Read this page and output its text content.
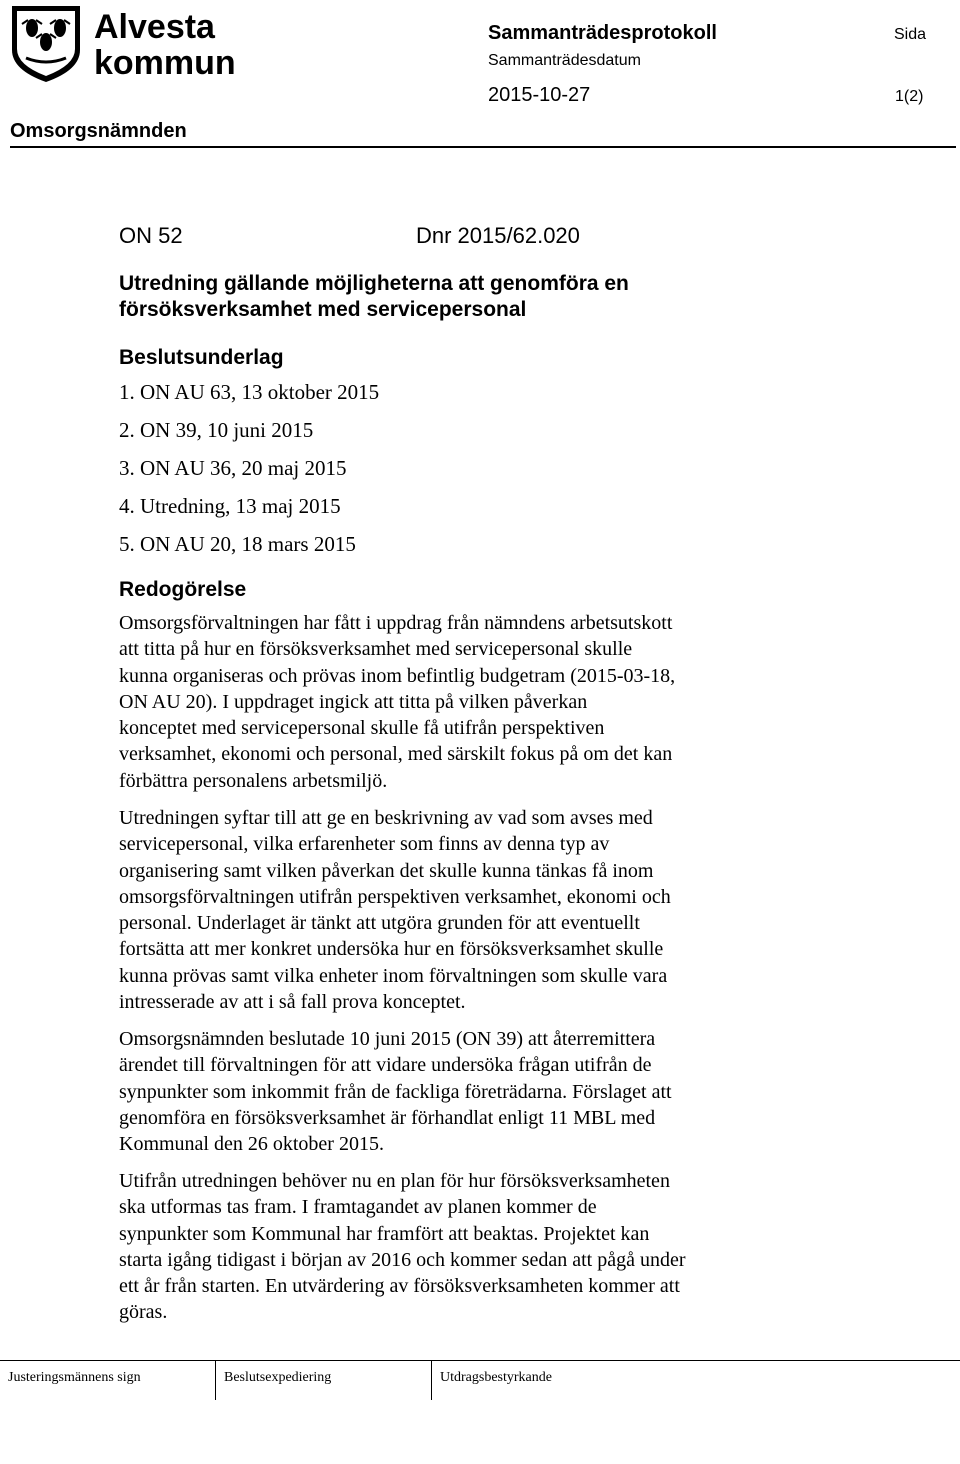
Alvesta
kommun
Sammanträdesprotokoll	Sida
Sammanträdesdatum
2015-10-27	1(2)
Omsorgsnämnden
ON 52	Dnr 2015/62.020
Utredning gällande möjligheterna att genomföra en försöksverksamhet med servicepersonal
Beslutsunderlag
1. ON AU 63, 13 oktober 2015
2. ON 39, 10 juni 2015
3. ON AU 36, 20 maj 2015
4. Utredning, 13 maj 2015
5. ON AU 20, 18 mars 2015
Redogörelse

Omsorgsförvaltningen har fått i uppdrag från nämndens arbetsutskott
att titta på hur en försöksverksamhet med servicepersonal skulle
kunna organiseras och prövas inom befintlig budgetram (2015-03-18,
ON AU 20). I uppdraget ingick att titta på vilken påverkan
konceptet med servicepersonal skulle få utifrån perspektiven
verksamhet, ekonomi och personal, med särskilt fokus på om det kan
förbättra personalens arbetsmiljö.

Utredningen syftar till att ge en beskrivning av vad som avses med
servicepersonal, vilka erfarenheter som finns av denna typ av
organisering samt vilken påverkan det skulle kunna tänkas få inom
omsorgsförvaltningen utifrån perspektiven verksamhet, ekonomi och
personal. Underlaget är tänkt att utgöra grunden för att eventuellt
fortsätta att mer konkret undersöka hur en försöksverksamhet skulle
kunna prövas samt vilka enheter inom förvaltningen som skulle vara
intresserade av att i så fall prova konceptet.

Omsorgsnämnden beslutade 10 juni 2015 (ON 39) att återremittera
ärendet till förvaltningen för att vidare undersöka frågan utifrån de
synpunkter som inkommit från de fackliga företrädarna. Förslaget att
genomföra en försöksverksamhet är förhandlat enligt 11 MBL med
Kommunal den 26 oktober 2015.

Utifrån utredningen behöver nu en plan för hur försöksverksamheten
ska utformas tas fram. I framtagandet av planen kommer de
synpunkter som Kommunal har framfört att beaktas. Projektet kan
starta igång tidigast i början av 2016 och kommer sedan att pågå under
ett år från starten. En utvärdering av försöksverksamheten kommer att
göras.

Justeringsmännens sign	Beslutsexpediering	Utdragsbestyrkande
